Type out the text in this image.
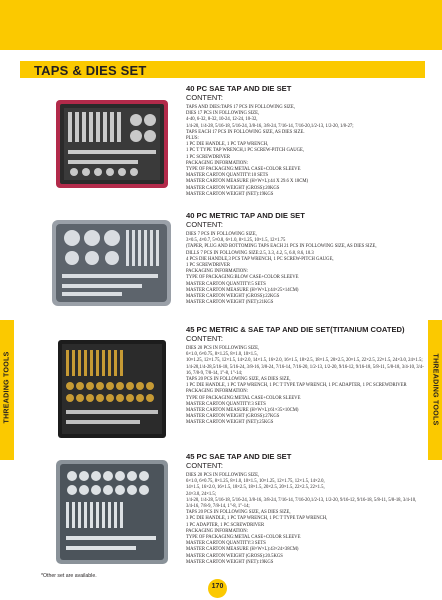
TAPS & DIES SET
THREADING TOOLS	THREADING TOOLS
40 PC SAE TAP AND DIE SET
CONTENT:
TAPS AND DIES:TAPS 17 PCS IN FOLLOWING SIZE,
DIES 17 PCS IN FOLLOWING SIZE,
4-40, 6-32, 8-32, 10-24, 12-24, 10-32,
1/4-20, 1/4-28, 5/16-18, 5/16-24, 3/8-16, 3/8-24, 7/16-14, 7/16-20,1/2-13, 1/2-20, 1/8-27;
TAPS EACH 17 PCS IN FOLLOWING SIZE, AS DIES SIZE.
PLUS:
1 PC DIE HANDLE, 1 PC TAP WRENCH,
1 PC T TYPE TAP WRENCH,1 PC SCREW-PITCH GAUGE,
1 PC SCREWDRIVER
PACKAGING INFORMATION:
TYPE OF PACKAGING:METAL CASE+COLOR SLEEVE
MASTER CARTON QUANTITY:10 SETS
MASTER CARTON MEASURE (H×W×L):44 X 29.6 X 18CM)
MASTER CARTON WEIGHT (GROSS):20KGS
MASTER CARTON WEIGHT (NET):19KGS
40 PC METRIC TAP AND DIE SET
CONTENT:
DIES 7 PCS IN FOLLOWING SIZE,
3×0.5, 4×0.7, 5×0.8, 6×1.0, 8×1.25, 10×1.5, 12×1.75
(TAPER, PLUG AND BOTTOMING TAPS EACH 21 PCS IN FOLLOWING SIZE, AS DIES SIZE,
DILLS 7 PCS IN FOLLOWING SIZE:2.5, 3.3, 4.2, 5, 6.8, 8.6, 10.3
4 PCS DIE HANDLE,3 PCS TAP WRENCH, 1 PC SCREW-PITCH GAUGE,
1 PC SCREWDRIVER
PACKAGING INFORMATION:
TYPE OF PACKAGING:BLOW CASE+COLOR SLEEVE
MASTER CARTON QUANTITY:5 SETS
MASTER CARTON MEASURE (H×W×L):44×25×14CM)
MASTER CARTON WEIGHT (GROSS):22KGS
MASTER CARTON WEIGHT (NET):21KGS
45 PC METRIC & SAE TAP AND DIE SET(TITANIUM COATED)
CONTENT:
DIES 20 PCS IN FOLLOWING SIZE,
6×1.0, 6×0.75, 8×1.25, 8×1.0, 10×1.5,
10×1.25, 12×1.75, 12×1.5, 14×2.0, 14×1.5, 16×2.0, 16×1.5, 18×2.5, 18×1.5, 20×2.5, 20×1.5, 22×2.5, 22×1.5, 24×3.0, 24×1.5;
1/4-20,1/4-28,5/16-18, 5/16-24, 3/8-16, 3/8-24, 7/16-14, 7/16-20, 1/2-13, 1/2-20, 9/16-12, 9/16-18, 5/8-11, 5/8-18, 3/4-10, 3/4-16, 7/8-9, 7/8-14, 1"-8, 1"-14;
TAPS 20 PCS IN FOLLOWING SIZE, AS DIES SIZE,
1 PC DIE HANDLE, 1 PC TAP WRENCH, 1 PC T TYPE TAP WRENCH, 1 PC ADAPTER, 1 PC SCREWDRIVER
PACKAGING INFORMATION:
TYPE OF PACKAGING:METAL CASE+COLOR SLEEVE
MASTER CARTON QUANTITY:3 SETS
MASTER CARTON MEASURE (H×W×L):61×35×10CM)
MASTER CARTON WEIGHT (GROSS):27KGS
MASTER CARTON WEIGHT (NET):25KGS
45 PC SAE TAP AND DIE SET
CONTENT:
DIES 20 PCS IN FOLLOWING SIZE,
6×1.0, 6×0.75, 8×1.25, 8×1.0, 10×1.5, 10×1.25, 12×1.75, 12×1.5, 14×2.0,
14×1.5, 16×2.0, 16×1.5, 18×2.5, 18×1.5, 20×2.5, 20×1.5, 22×2.5, 22×1.5,
24×3.0, 24×1.5;
1/4-20, 1/4-28, 5/16-18, 5/16-24, 3/8-16, 3/8-24, 7/16-14, 7/16-20,1/2-13, 1/2-20, 9/16-12, 9/16-18, 5/8-11, 5/8-18, 3/4-10, 3/4-16, 7/8-9, 7/8-14, 1"-8, 1"-14;
TAPS 20 PCS IN FOLLOWING SIZE, AS DIES SIZE,
3 PC DIE HANDLE, 1 PC TAP WRENCH, 1 PC T TYPE TAP WRENCH,
1 PC ADAPTER, 1 PC SCREWDRIVER
PACKAGING INFORMATION:
TYPE OF PACKAGING:METAL CASE+COLOR SLEEVE
MASTER CARTON QUANTITY:3 SETS
MASTER CARTON MEASURE (H×W×L):43×24×38CM)
MASTER CARTON WEIGHT (GROSS):20.5KGS
MASTER CARTON WEIGHT (NET):19KGS
*Other set are available.
170
